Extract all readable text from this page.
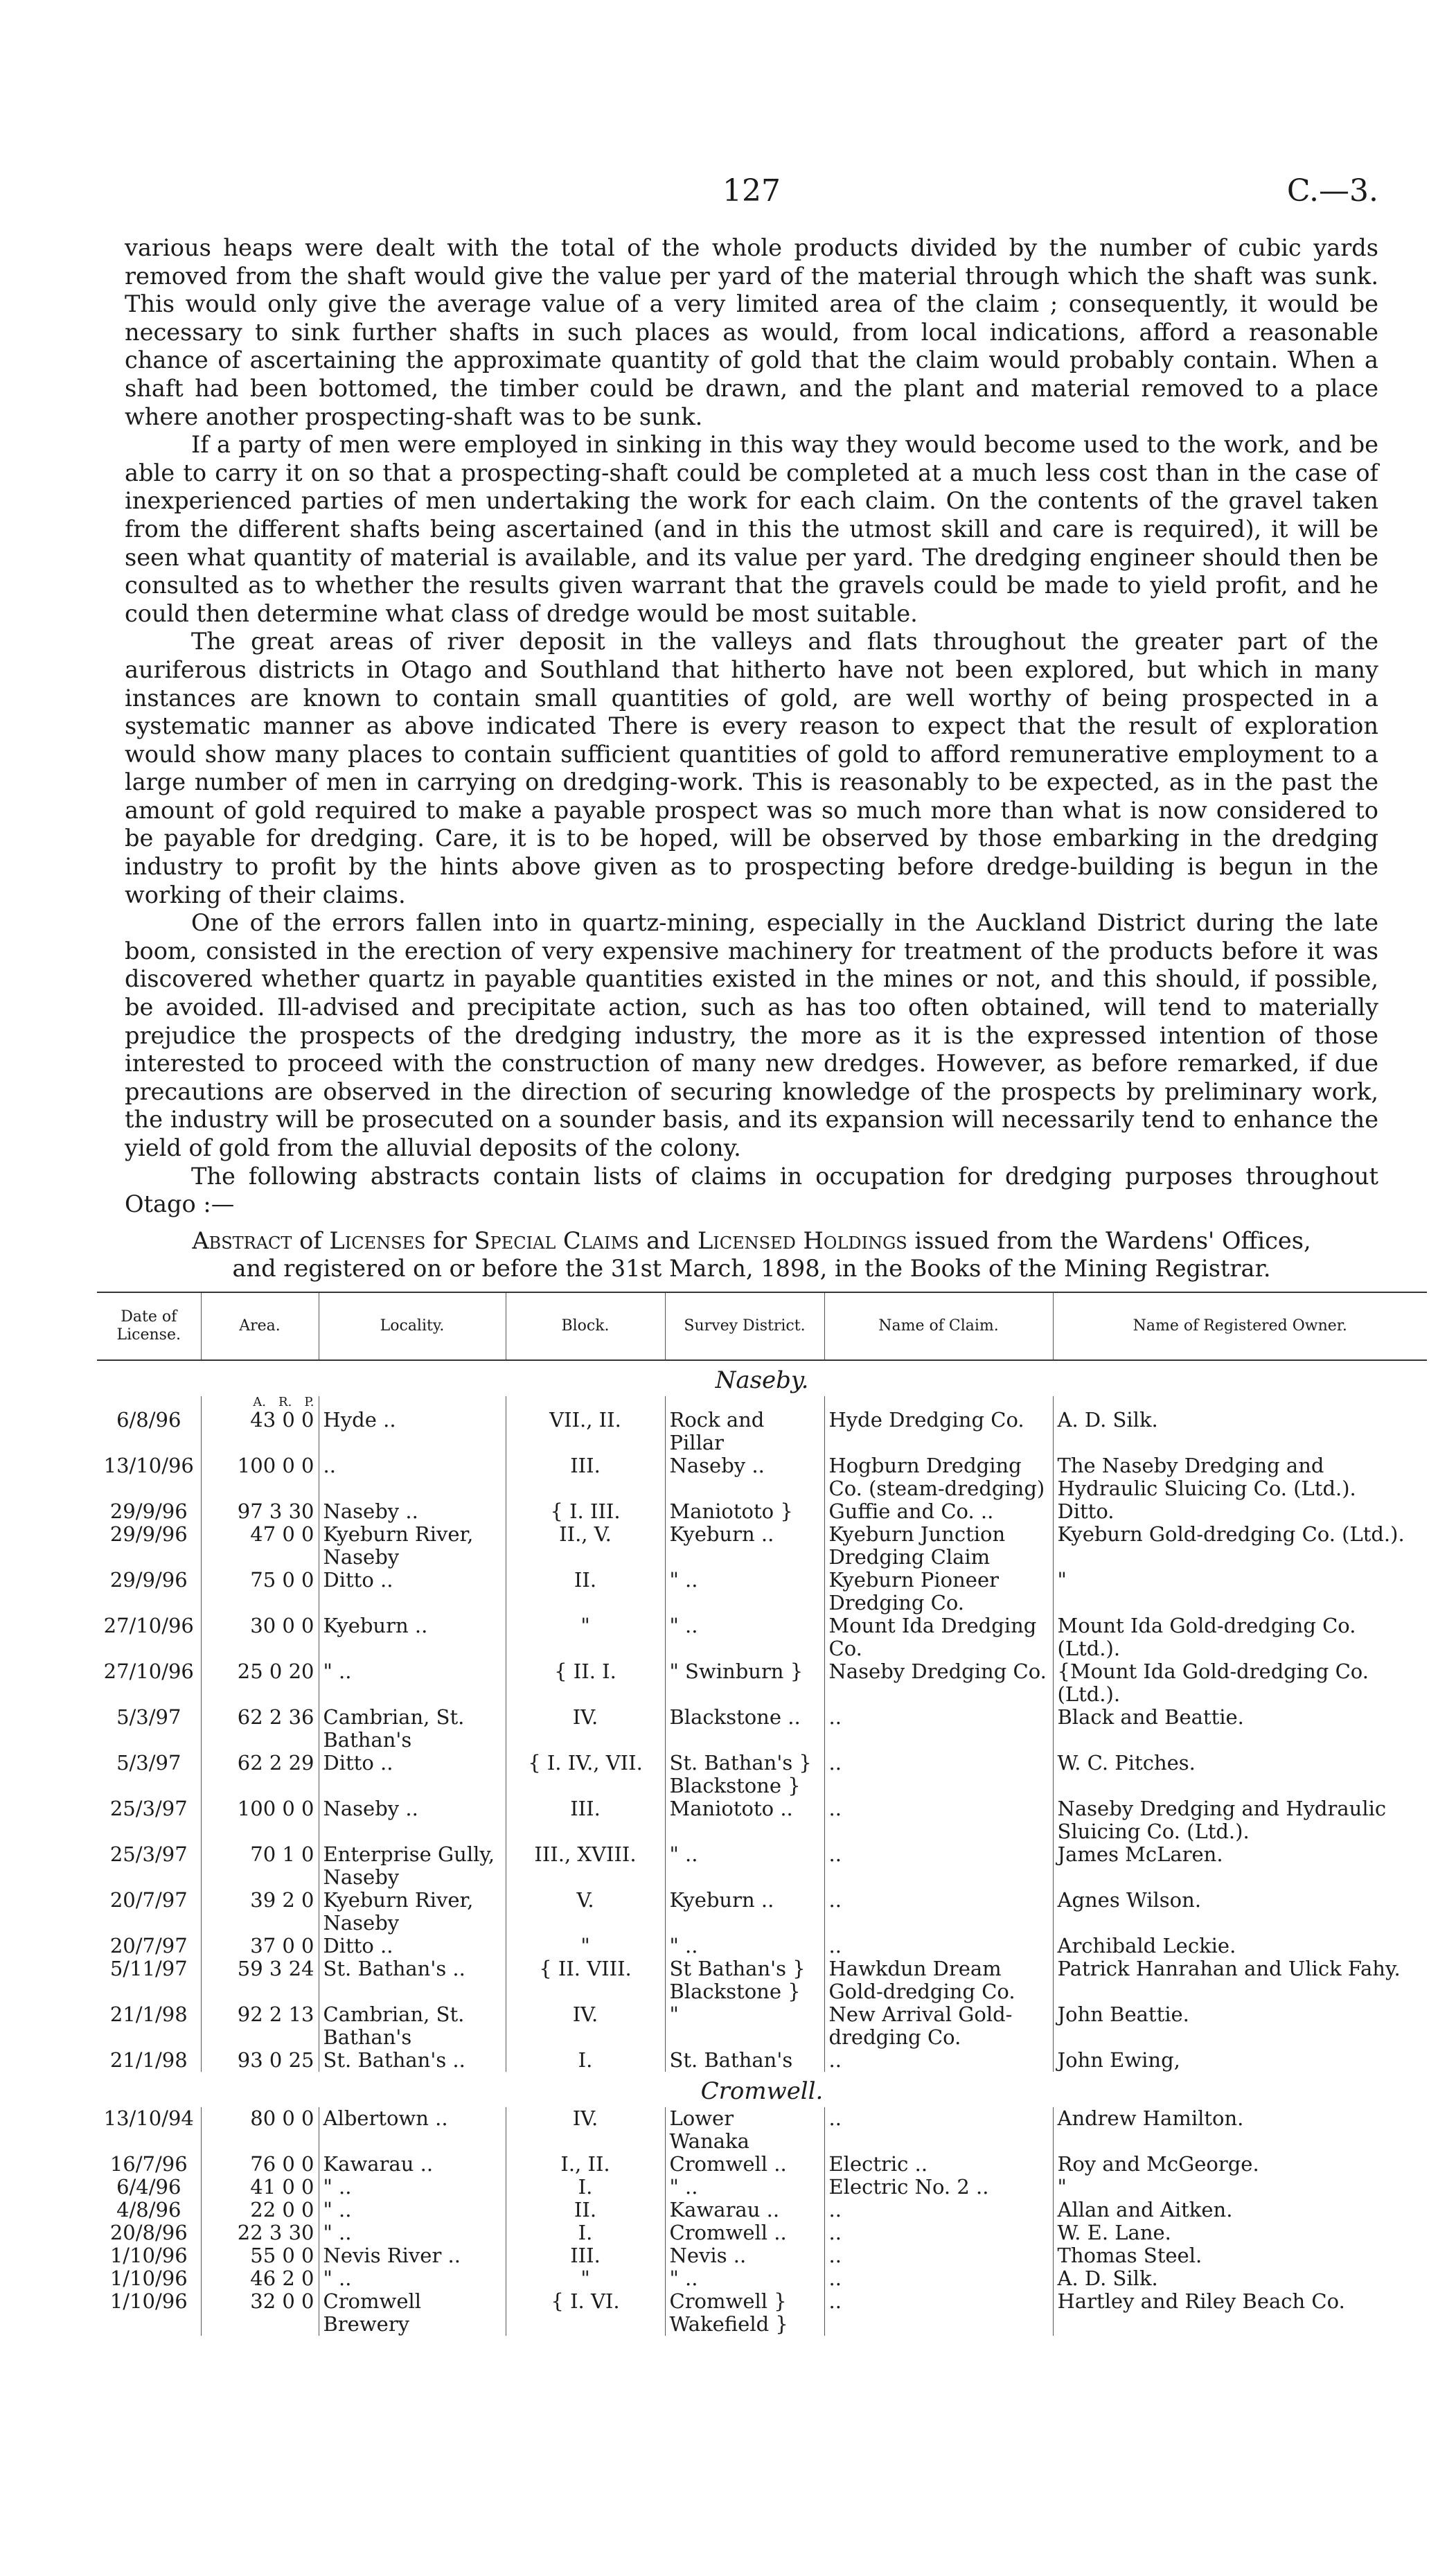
127	C.—3.

various heaps were dealt with the total of the whole products divided by the number of cubic yards removed from the shaft would give the value per yard of the material through which the shaft was sunk. This would only give the average value of a very limited area of the claim ; consequently, it would be necessary to sink further shafts in such places as would, from local indications, afford a reasonable chance of ascertaining the approximate quantity of gold that the claim would probably contain. When a shaft had been bottomed, the timber could be drawn, and the plant and material removed to a place where another prospecting-shaft was to be sunk.

If a party of men were employed in sinking in this way they would become used to the work, and be able to carry it on so that a prospecting-shaft could be completed at a much less cost than in the case of inexperienced parties of men undertaking the work for each claim. On the contents of the gravel taken from the different shafts being ascertained (and in this the utmost skill and care is required), it will be seen what quantity of material is available, and its value per yard. The dredging engineer should then be consulted as to whether the results given warrant that the gravels could be made to yield profit, and he could then determine what class of dredge would be most suitable.

The great areas of river deposit in the valleys and flats throughout the greater part of the auriferous districts in Otago and Southland that hitherto have not been explored, but which in many instances are known to contain small quantities of gold, are well worthy of being prospected in a systematic manner as above indicated There is every reason to expect that the result of exploration would show many places to contain sufficient quantities of gold to afford remunerative employment to a large number of men in carrying on dredging-work. This is reasonably to be expected, as in the past the amount of gold required to make a payable prospect was so much more than what is now considered to be payable for dredging. Care, it is to be hoped, will be observed by those embarking in the dredging industry to profit by the hints above given as to prospecting before dredge-building is begun in the working of their claims.

One of the errors fallen into in quartz-mining, especially in the Auckland District during the late boom, consisted in the erection of very expensive machinery for treatment of the products before it was discovered whether quartz in payable quantities existed in the mines or not, and this should, if possible, be avoided. Ill-advised and precipitate action, such as has too often obtained, will tend to materially prejudice the prospects of the dredging industry, the more as it is the expressed intention of those interested to proceed with the construction of many new dredges. However, as before remarked, if due precautions are observed in the direction of securing knowledge of the prospects by preliminary work, the industry will be prosecuted on a sounder basis, and its expansion will necessarily tend to enhance the yield of gold from the alluvial deposits of the colony.

The following abstracts contain lists of claims in occupation for dredging purposes throughout Otago :—

Abstract of Licenses for Special Claims and Licensed Holdings issued from the Wardens' Offices,
and registered on or before the 31st March, 1898, in the Books of the Mining Registrar.
Date of License.	Area.	Locality.	Block.	Survey District.	Name of Claim.	Name of Registered Owner.
Naseby.						
	A. R. P.					
6/8/96	43 0 0	Hyde ..	VII., II.	Rock and Pillar	Hyde Dredging Co.	A. D. Silk.
13/10/96	100 0 0	..	III.	Naseby ..	Hogburn Dredging Co. (steam-dredging)	The Naseby Dredging and Hydraulic Sluicing Co. (Ltd.).
29/9/96	97 3 30	Naseby ..	{ I. III.	Maniototo }	Guffie and Co. ..	Ditto.
29/9/96	47 0 0	Kyeburn River, Naseby	II., V.	Kyeburn ..	Kyeburn Junction Dredging Claim	Kyeburn Gold-dredging Co. (Ltd.).
29/9/96	75 0 0	Ditto ..	II.	" ..	Kyeburn Pioneer Dredging Co.	"
27/10/96	30 0 0	Kyeburn ..	"	" ..	Mount Ida Dredging Co.	Mount Ida Gold-dredging Co. (Ltd.).
27/10/96	25 0 20	" ..	{ II. I.	" Swinburn }	Naseby Dredging Co.	{Mount Ida Gold-dredging Co. (Ltd.).
5/3/97	62 2 36	Cambrian, St. Bathan's	IV.	Blackstone ..	..	Black and Beattie.
5/3/97	62 2 29	Ditto ..	{ I. IV., VII.	St. Bathan's } Blackstone }	..	W. C. Pitches.
25/3/97	100 0 0	Naseby ..	III.	Maniototo ..	..	Naseby Dredging and Hydraulic Sluicing Co. (Ltd.).
25/3/97	70 1 0	Enterprise Gully, Naseby	III., XVIII.	" ..	..	James McLaren.
20/7/97	39 2 0	Kyeburn River, Naseby	V.	Kyeburn ..	..	Agnes Wilson.
20/7/97	37 0 0	Ditto ..	"	" ..	..	Archibald Leckie.
5/11/97	59 3 24	St. Bathan's ..	{ II. VIII.	St Bathan's } Blackstone }	Hawkdun Dream Gold-dredging Co.	Patrick Hanrahan and Ulick Fahy.
21/1/98	92 2 13	Cambrian, St. Bathan's	IV.	"	New Arrival Gold-dredging Co.	John Beattie.
21/1/98	93 0 25	St. Bathan's ..	I.	St. Bathan's	..	John Ewing,
Cromwell.						
13/10/94	80 0 0	Albertown ..	IV.	Lower Wanaka	..	Andrew Hamilton.
16/7/96	76 0 0	Kawarau ..	I., II.	Cromwell ..	Electric ..	Roy and McGeorge.
6/4/96	41 0 0	" ..	I.	" ..	Electric No. 2 ..	"
4/8/96	22 0 0	" ..	II.	Kawarau ..	..	Allan and Aitken.
20/8/96	22 3 30	" ..	I.	Cromwell ..	..	W. E. Lane.
1/10/96	55 0 0	Nevis River ..	III.	Nevis ..	..	Thomas Steel.
1/10/96	46 2 0	" ..	"	" ..	..	A. D. Silk.
1/10/96	32 0 0	Cromwell Brewery	{ I. VI.	Cromwell } Wakefield }	..	Hartley and Riley Beach Co.
